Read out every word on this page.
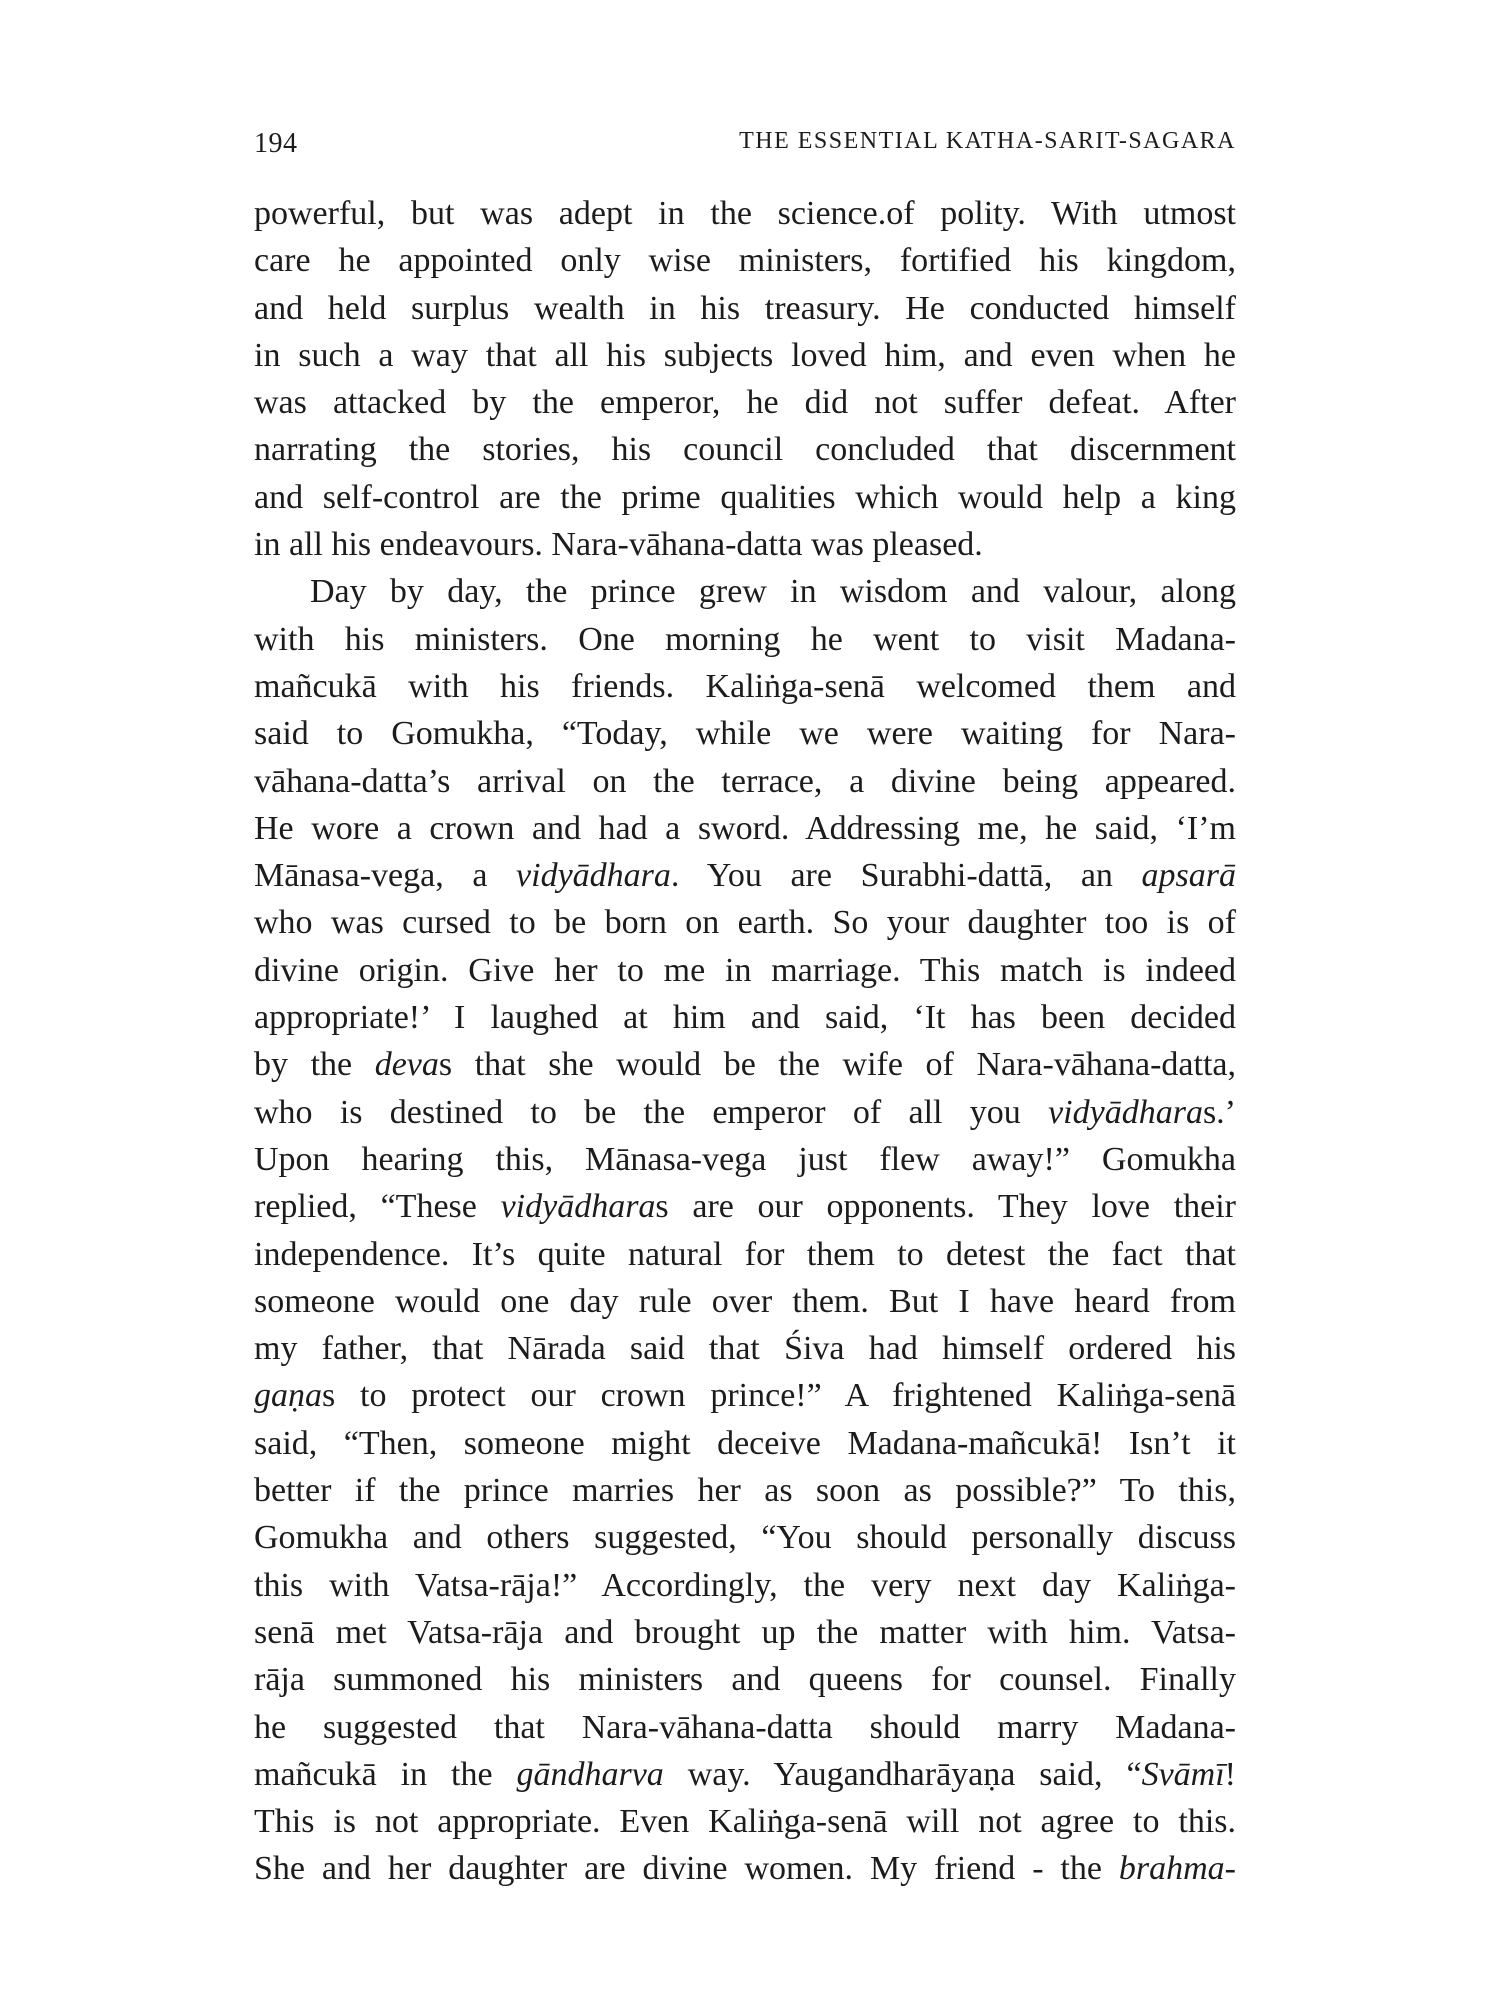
194	THE ESSENTIAL KATHA-SARIT-SAGARA
powerful, but was adept in the science.of polity. With utmost
care he appointed only wise ministers, fortified his kingdom,
and held surplus wealth in his treasury. He conducted himself
in such a way that all his subjects loved him, and even when he
was attacked by the emperor, he did not suffer defeat. After
narrating the stories, his council concluded that discernment
and self-control are the prime qualities which would help a king
in all his endeavours. Nara-vāhana-datta was pleased.
Day by day, the prince grew in wisdom and valour, along
with his ministers. One morning he went to visit Madana-
mañcukā with his friends. Kaliṅga-senā welcomed them and
said to Gomukha, “Today, while we were waiting for Nara-
vāhana-datta’s arrival on the terrace, a divine being appeared.
He wore a crown and had a sword. Addressing me, he said, ‘I’m
Mānasa-vega, a vidyādhara. You are Surabhi-dattā, an apsarā
who was cursed to be born on earth. So your daughter too is of
divine origin. Give her to me in marriage. This match is indeed
appropriate!’ I laughed at him and said, ‘It has been decided
by the devas that she would be the wife of Nara-vāhana-datta,
who is destined to be the emperor of all you vidyādharas.’
Upon hearing this, Mānasa-vega just flew away!” Gomukha
replied, “These vidyādharas are our opponents. They love their
independence. It’s quite natural for them to detest the fact that
someone would one day rule over them. But I have heard from
my father, that Nārada said that Śiva had himself ordered his
gaṇas to protect our crown prince!” A frightened Kaliṅga-senā
said, “Then, someone might deceive Madana-mañcukā! Isn’t it
better if the prince marries her as soon as possible?” To this,
Gomukha and others suggested, “You should personally discuss
this with Vatsa-rāja!” Accordingly, the very next day Kaliṅga-
senā met Vatsa-rāja and brought up the matter with him. Vatsa-
rāja summoned his ministers and queens for counsel. Finally
he suggested that Nara-vāhana-datta should marry Madana-
mañcukā in the gāndharva way. Yaugandharāyaṇa said, “Svāmī!
This is not appropriate. Even Kaliṅga-senā will not agree to this.
She and her daughter are divine women. My friend - the brahma-
